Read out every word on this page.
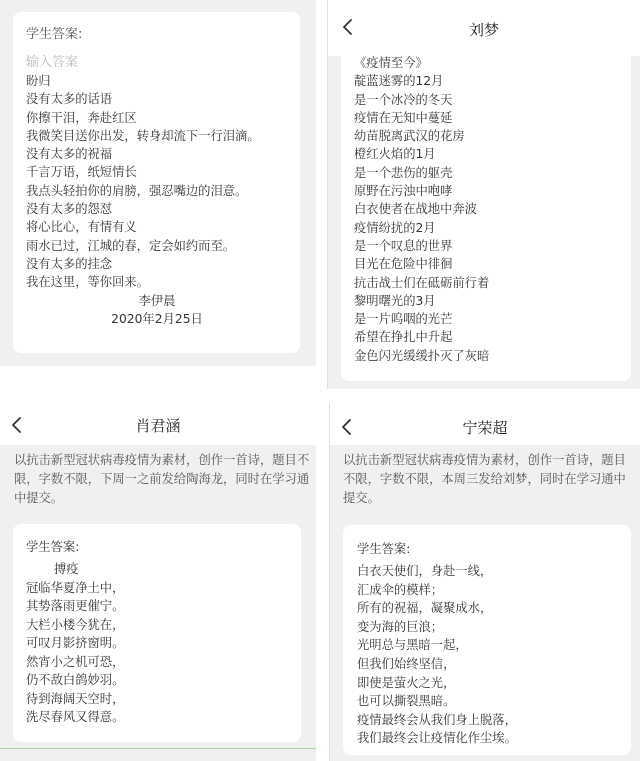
学生答案:
输入答案
盼归
没有太多的话语
你擦干泪，奔赴红区
我微笑目送你出发，转身却流下一行泪滴。
没有太多的祝福
千言万语，纸短情长
我点头轻拍你的肩膀，强忍嘴边的泪意。
没有太多的怨怼
将心比心，有情有义
雨水已过，江城的春，定会如约而至。
没有太多的挂念
我在这里，等你回来。
李伊晨
2020年2月25日
刘梦
《疫情至今》
靛蓝迷雾的12月
是一个冰冷的冬天
疫情在无知中蔓延
幼苗脱离武汉的花房
橙红火焰的1月
是一个悲伤的躯壳
原野在污浊中咆哮
白衣使者在战地中奔波
疫情纷扰的2月
是一个叹息的世界
目光在危险中徘徊
抗击战士们在砥砺前行着
黎明曙光的3月
是一片呜咽的光芒
希望在挣扎中升起
金色闪光缓缓扑灭了灰暗
肖君涵
以抗击新型冠状病毒疫情为素材，创作一首诗，题目不限，字数不限，下周一之前发给陶海龙，同时在学习通中提交。
学生答案:
搏疫
冠临华夏净土中，
其势落雨更催宁。
大栏小楼今犹在，
可叹月影挤窗明。
然宵小之机可恐，
仍不敌白鸽妙羽。
待到海阔天空时，
洗尽春风又得意。
宁荣超
以抗击新型冠状病毒疫情为素材，创作一首诗，题目不限，字数不限，本周三发给刘梦，同时在学习通中提交。
学生答案:
白衣天使们，身赴一线，
汇成伞的模样；
所有的祝福，凝聚成水，
变为海的巨浪；
光明总与黑暗一起，
但我们始终坚信，
即使是萤火之光，
也可以撕裂黑暗。
疫情最终会从我们身上脱落，
我们最终会让疫情化作尘埃。
